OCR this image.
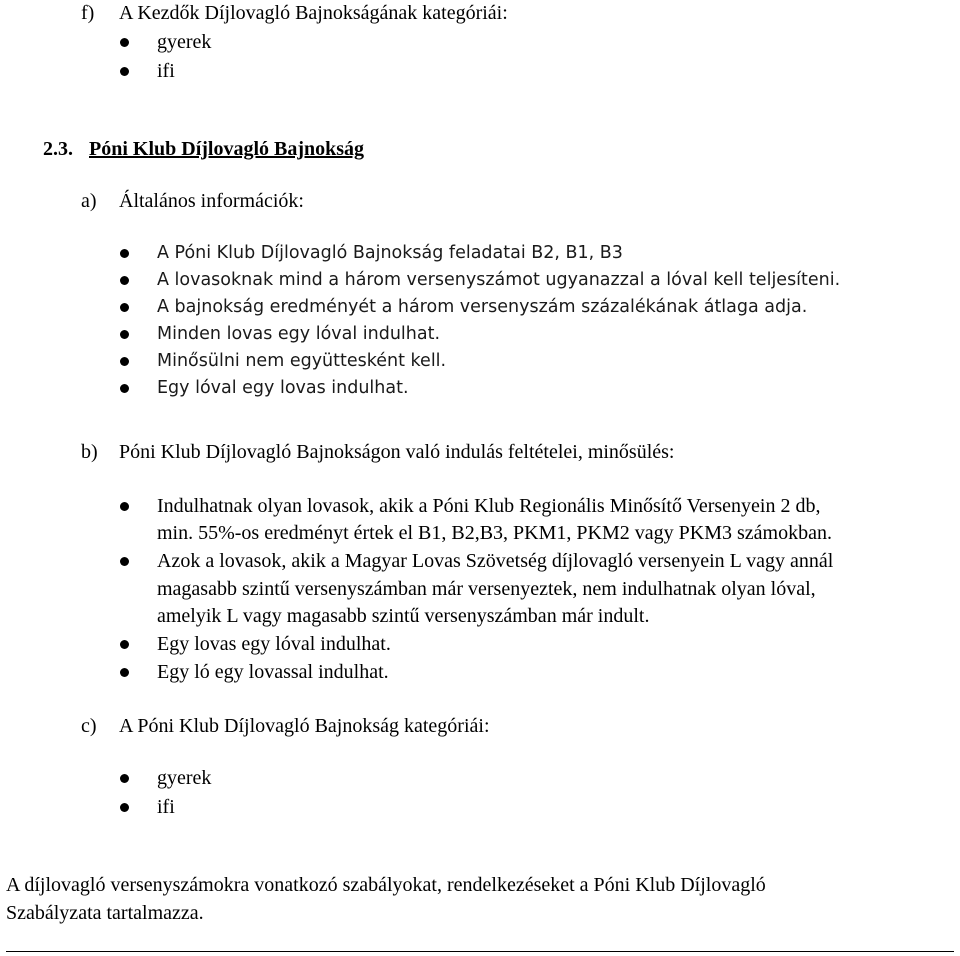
f) A Kezdők Díjlovagló Bajnokságának kategóriái:
gyerek
ifi
2.3. Póni Klub Díjlovagló Bajnokság
a) Általános információk:
A Póni Klub Díjlovagló Bajnokság feladatai B2, B1, B3
A lovasoknak mind a három versenyszámot ugyanazzal a lóval kell teljesíteni.
A bajnokság eredményét a három versenyszám százalékának átlaga adja.
Minden lovas egy lóval indulhat.
Minősülni nem együttesként kell.
Egy lóval egy lovas indulhat.
b) Póni Klub Díjlovagló Bajnokságon való indulás feltételei, minősülés:
Indulhatnak olyan lovasok, akik a Póni Klub Regionális Minősítő Versenyein 2 db,
min. 55%-os eredményt értek el B1, B2,B3, PKM1, PKM2 vagy PKM3 számokban.
Azok a lovasok, akik a Magyar Lovas Szövetség díjlovagló versenyein L vagy annál
magasabb szintű versenyszámban már versenyeztek, nem indulhatnak olyan lóval,
amelyik L vagy magasabb szintű versenyszámban már indult.
Egy lovas egy lóval indulhat.
Egy ló egy lovassal indulhat.
c) A Póni Klub Díjlovagló Bajnokság kategóriái:
gyerek
ifi
A díjlovagló versenyszámokra vonatkozó szabályokat, rendelkezéseket a Póni Klub Díjlovagló
Szabályzata tartalmazza.
